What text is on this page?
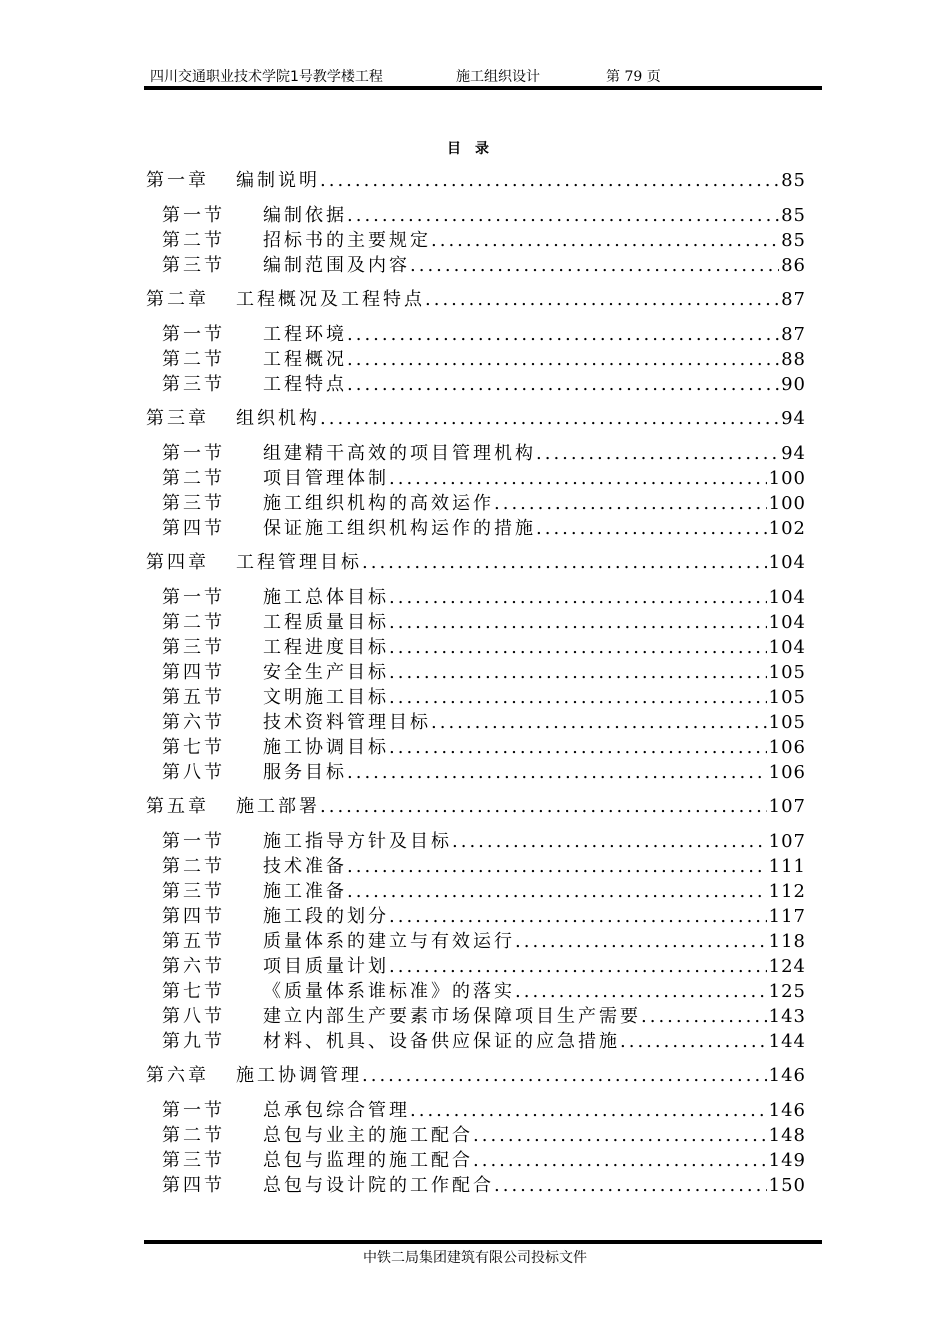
四川交通职业技术学院1号教学楼工程	施工组织设计	第 79 页
目录
第一章	编制说明 .....	85
第一节	编制依据 .....	85
第二节	招标书的主要规定 .....	85
第三节	编制范围及内容 .....	86
第二章	工程概况及工程特点 .....	87
第一节	工程环境 .....	87
第二节	工程概况 .....	88
第三节	工程特点 .....	90
第三章	组织机构 .....	94
第一节	组建精干高效的项目管理机构 .....	94
第二节	项目管理体制 .....	100
第三节	施工组织机构的高效运作 .....	100
第四节	保证施工组织机构运作的措施 .....	102
第四章	工程管理目标 .....	104
第一节	施工总体目标 .....	104
第二节	工程质量目标 .....	104
第三节	工程进度目标 .....	104
第四节	安全生产目标 .....	105
第五节	文明施工目标 .....	105
第六节	技术资料管理目标 .....	105
第七节	施工协调目标 .....	106
第八节	服务目标 .....	106
第五章	施工部署 .....	107
第一节	施工指导方针及目标 .....	107
第二节	技术准备 .....	111
第三节	施工准备 .....	112
第四节	施工段的划分 .....	117
第五节	质量体系的建立与有效运行 .....	118
第六节	项目质量计划 .....	124
第七节	《质量体系谁标准》的落实 .....	125
第八节	建立内部生产要素市场保障项目生产需要 .....	143
第九节	材料、机具、设备供应保证的应急措施 .....	144
第六章	施工协调管理 .....	146
第一节	总承包综合管理 .....	146
第二节	总包与业主的施工配合 .....	148
第三节	总包与监理的施工配合 .....	149
第四节	总包与设计院的工作配合 .....	150
中铁二局集团建筑有限公司投标文件
